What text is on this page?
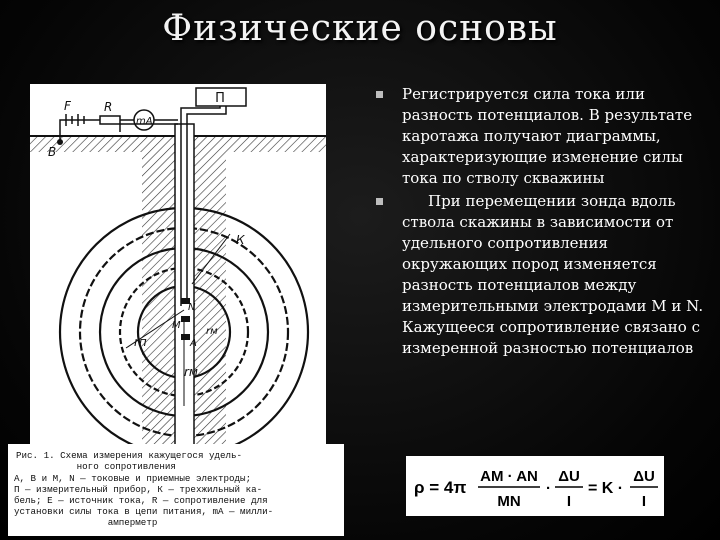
Физические основы
П
F	R
mA
B
К
N
M
A
rп
rм
rм
Рис. 1. Схема измерения кажущегося удель-
ного сопротивления
A, B и M, N — токовые и приемные электроды;
П — измерительный прибор, К — трехжильный ка-
бель; Е — источник тока, R — сопротивление для
установки силы тока в цепи питания, mA — милли-
амперметр
Регистрируется сила тока или разность потенциалов. В результате каротажа получают диаграммы, характеризующие изменение силы тока по стволу скважины
При перемещении зонда вдоль ствола скажины в зависимости от удельного сопротивления окружающих пород изменяется разность потенциалов между измерительными электродами М и N. Кажущееся сопротивление связано с измеренной разностью потенциалов
ρ = 4π
AM · AN
MN
·
ΔU
I
= K ·
ΔU
I
